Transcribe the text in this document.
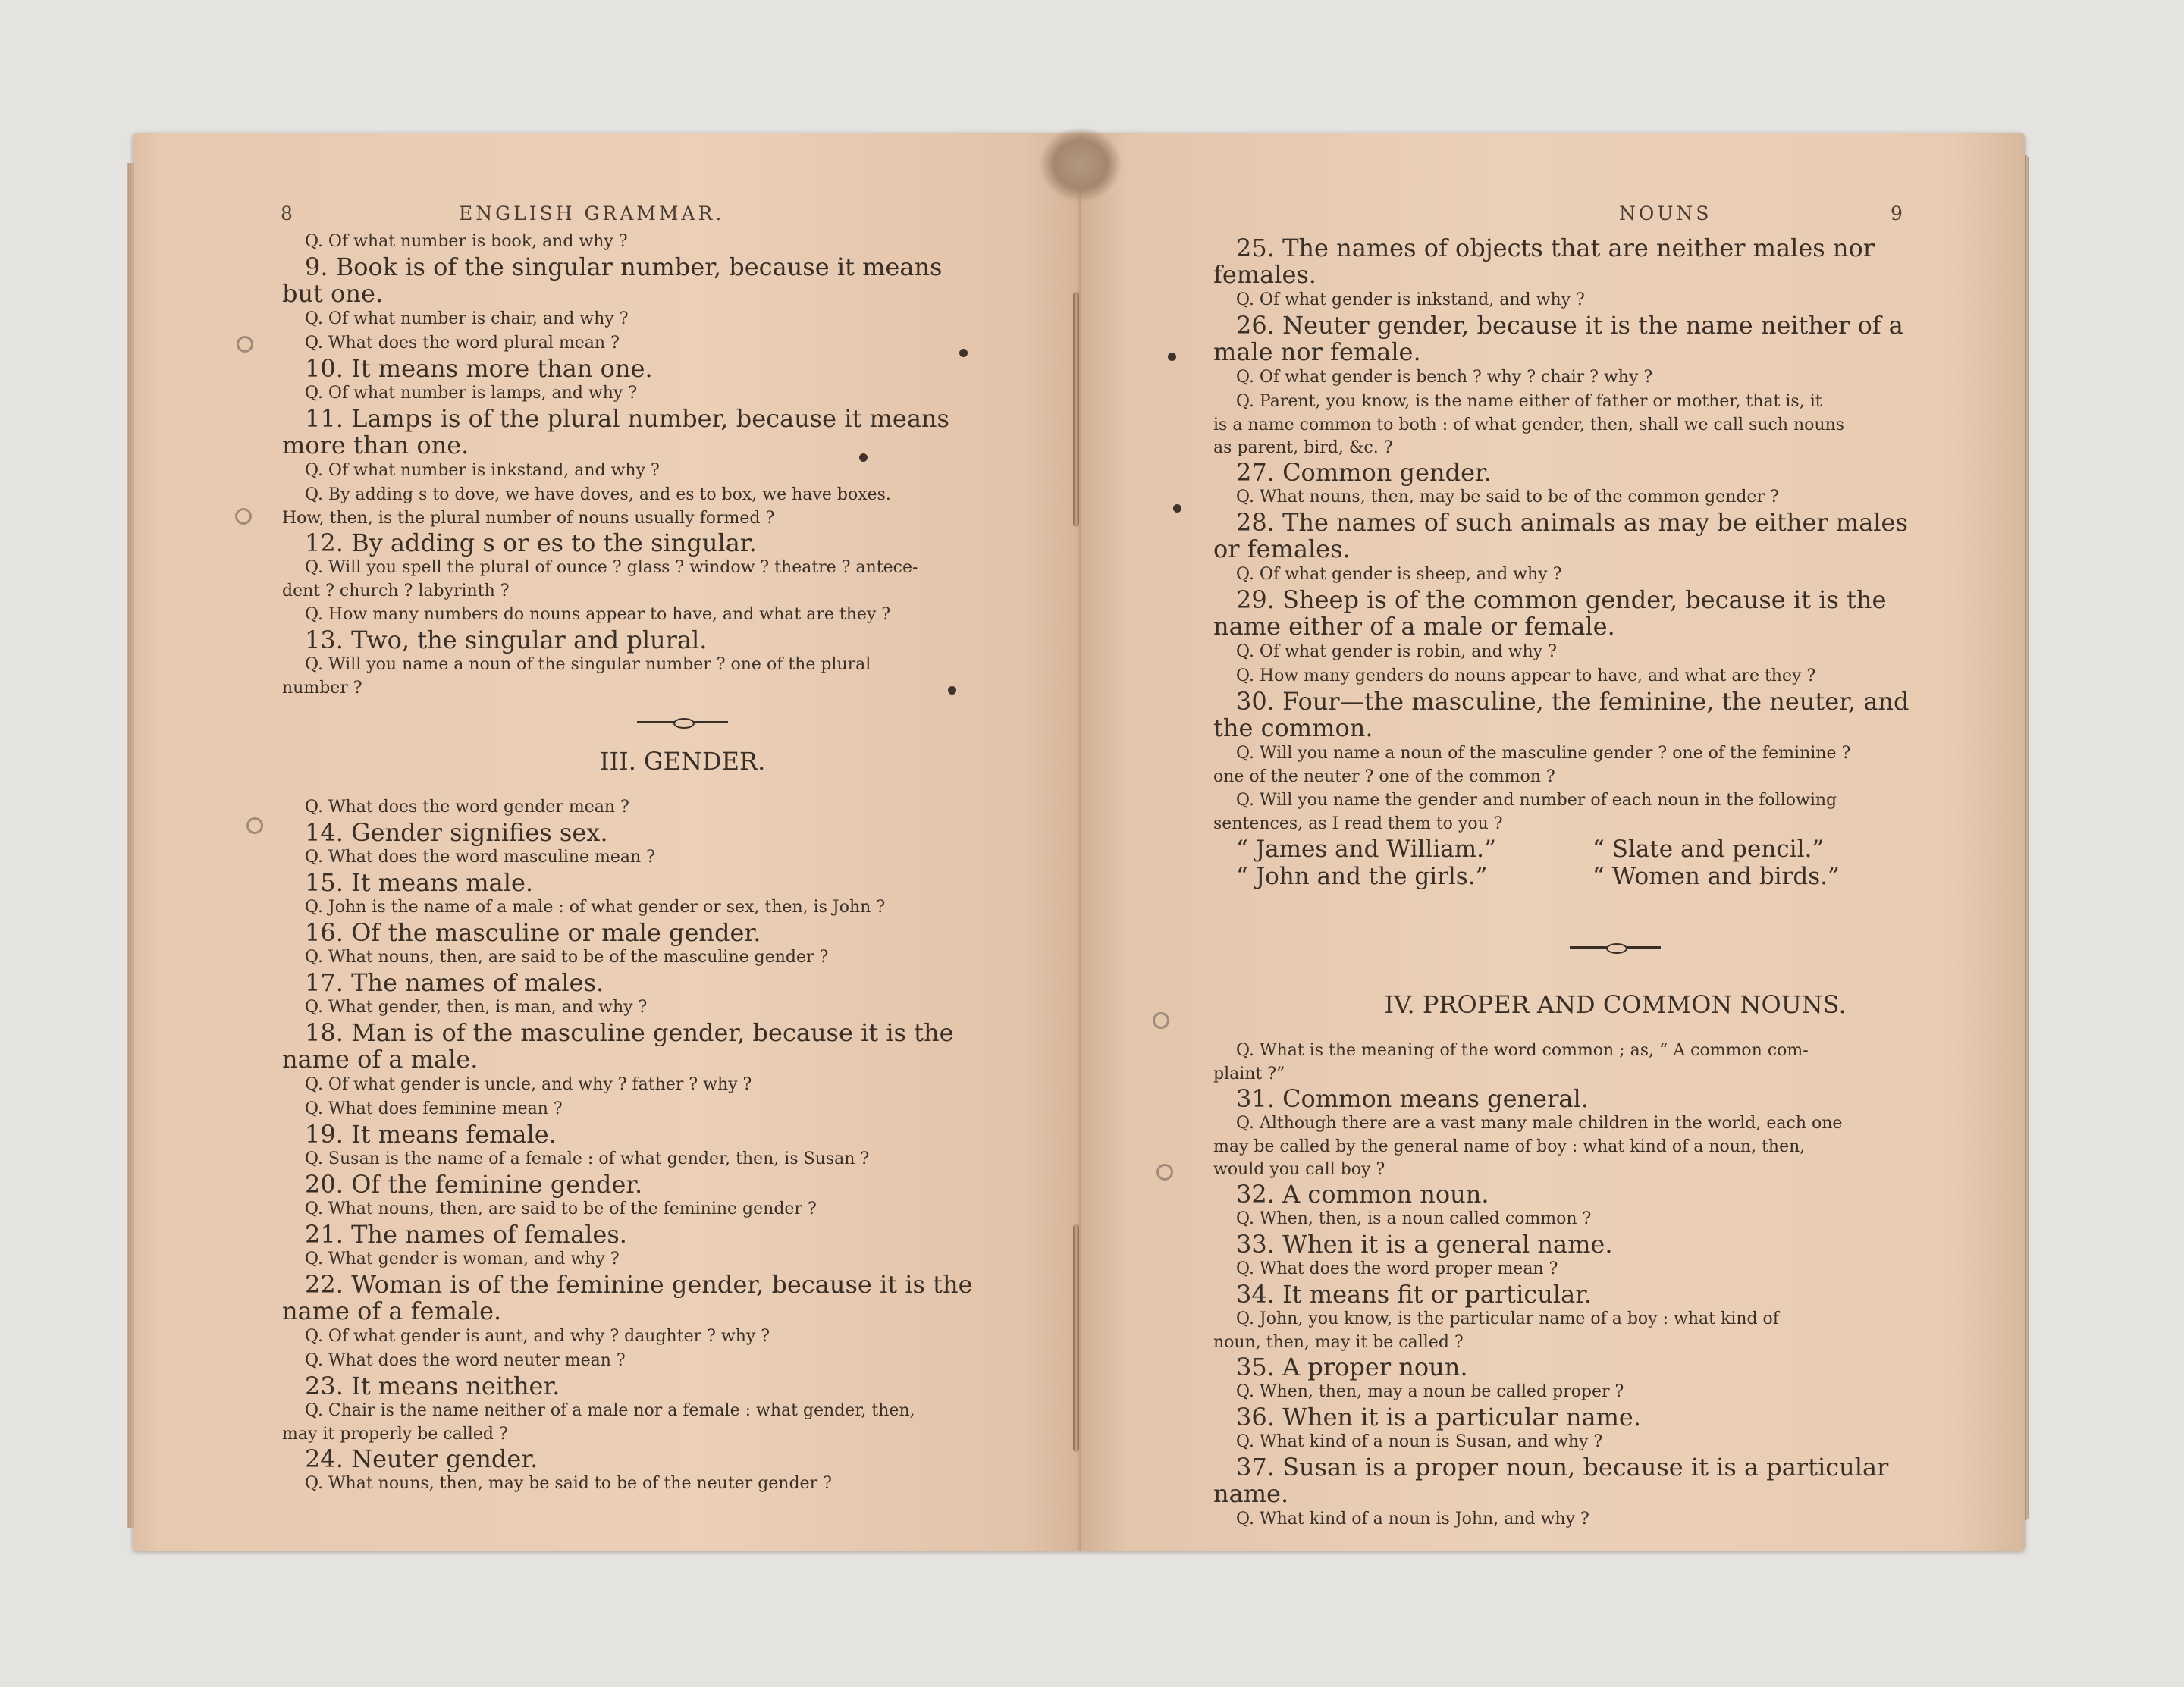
8	ENGLISH GRAMMAR.
Q. Of what number is book, and why ?
9. Book is of the singular number, because it means
but one.
Q. Of what number is chair, and why ?
Q. What does the word plural mean ?
10. It means more than one.
Q. Of what number is lamps, and why ?
11. Lamps is of the plural number, because it means
more than one.
Q. Of what number is inkstand, and why ?
Q. By adding s to dove, we have doves, and es to box, we have boxes.
How, then, is the plural number of nouns usually formed ?
12. By adding s or es to the singular.
Q. Will you spell the plural of ounce ? glass ? window ? theatre ? antece-
dent ? church ? labyrinth ?
Q. How many numbers do nouns appear to have, and what are they ?
13. Two, the singular and plural.
Q. Will you name a noun of the singular number ? one of the plural
number ?
III. GENDER.
Q. What does the word gender mean ?
14. Gender signifies sex.
Q. What does the word masculine mean ?
15. It means male.
Q. John is the name of a male : of what gender or sex, then, is John ?
16. Of the masculine or male gender.
Q. What nouns, then, are said to be of the masculine gender ?
17. The names of males.
Q. What gender, then, is man, and why ?
18. Man is of the masculine gender, because it is the
name of a male.
Q. Of what gender is uncle, and why ? father ? why ?
Q. What does feminine mean ?
19. It means female.
Q. Susan is the name of a female : of what gender, then, is Susan ?
20. Of the feminine gender.
Q. What nouns, then, are said to be of the feminine gender ?
21. The names of females.
Q. What gender is woman, and why ?
22. Woman is of the feminine gender, because it is the
name of a female.
Q. Of what gender is aunt, and why ? daughter ? why ?
Q. What does the word neuter mean ?
23. It means neither.
Q. Chair is the name neither of a male nor a female : what gender, then,
may it properly be called ?
24. Neuter gender.
Q. What nouns, then, may be said to be of the neuter gender ?
NOUNS	9
25. The names of objects that are neither males nor
females.
Q. Of what gender is inkstand, and why ?
26. Neuter gender, because it is the name neither of a
male nor female.
Q. Of what gender is bench ? why ? chair ? why ?
Q. Parent, you know, is the name either of father or mother, that is, it
is a name common to both : of what gender, then, shall we call such nouns
as parent, bird, &c. ?
27. Common gender.
Q. What nouns, then, may be said to be of the common gender ?
28. The names of such animals as may be either males
or females.
Q. Of what gender is sheep, and why ?
29. Sheep is of the common gender, because it is the
name either of a male or female.
Q. Of what gender is robin, and why ?
Q. How many genders do nouns appear to have, and what are they ?
30. Four—the masculine, the feminine, the neuter, and
the common.
Q. Will you name a noun of the masculine gender ? one of the feminine ?
one of the neuter ? one of the common ?
Q. Will you name the gender and number of each noun in the following
sentences, as I read them to you ?
“ James and William.”	“ Slate and pencil.”
“ John and the girls.”	“ Women and birds.”
IV. PROPER AND COMMON NOUNS.
Q. What is the meaning of the word common ; as, “ A common com-
plaint ?”
31. Common means general.
Q. Although there are a vast many male children in the world, each one
may be called by the general name of boy : what kind of a noun, then,
would you call boy ?
32. A common noun.
Q. When, then, is a noun called common ?
33. When it is a general name.
Q. What does the word proper mean ?
34. It means fit or particular.
Q. John, you know, is the particular name of a boy : what kind of
noun, then, may it be called ?
35. A proper noun.
Q. When, then, may a noun be called proper ?
36. When it is a particular name.
Q. What kind of a noun is Susan, and why ?
37. Susan is a proper noun, because it is a particular
name.
Q. What kind of a noun is John, and why ?
